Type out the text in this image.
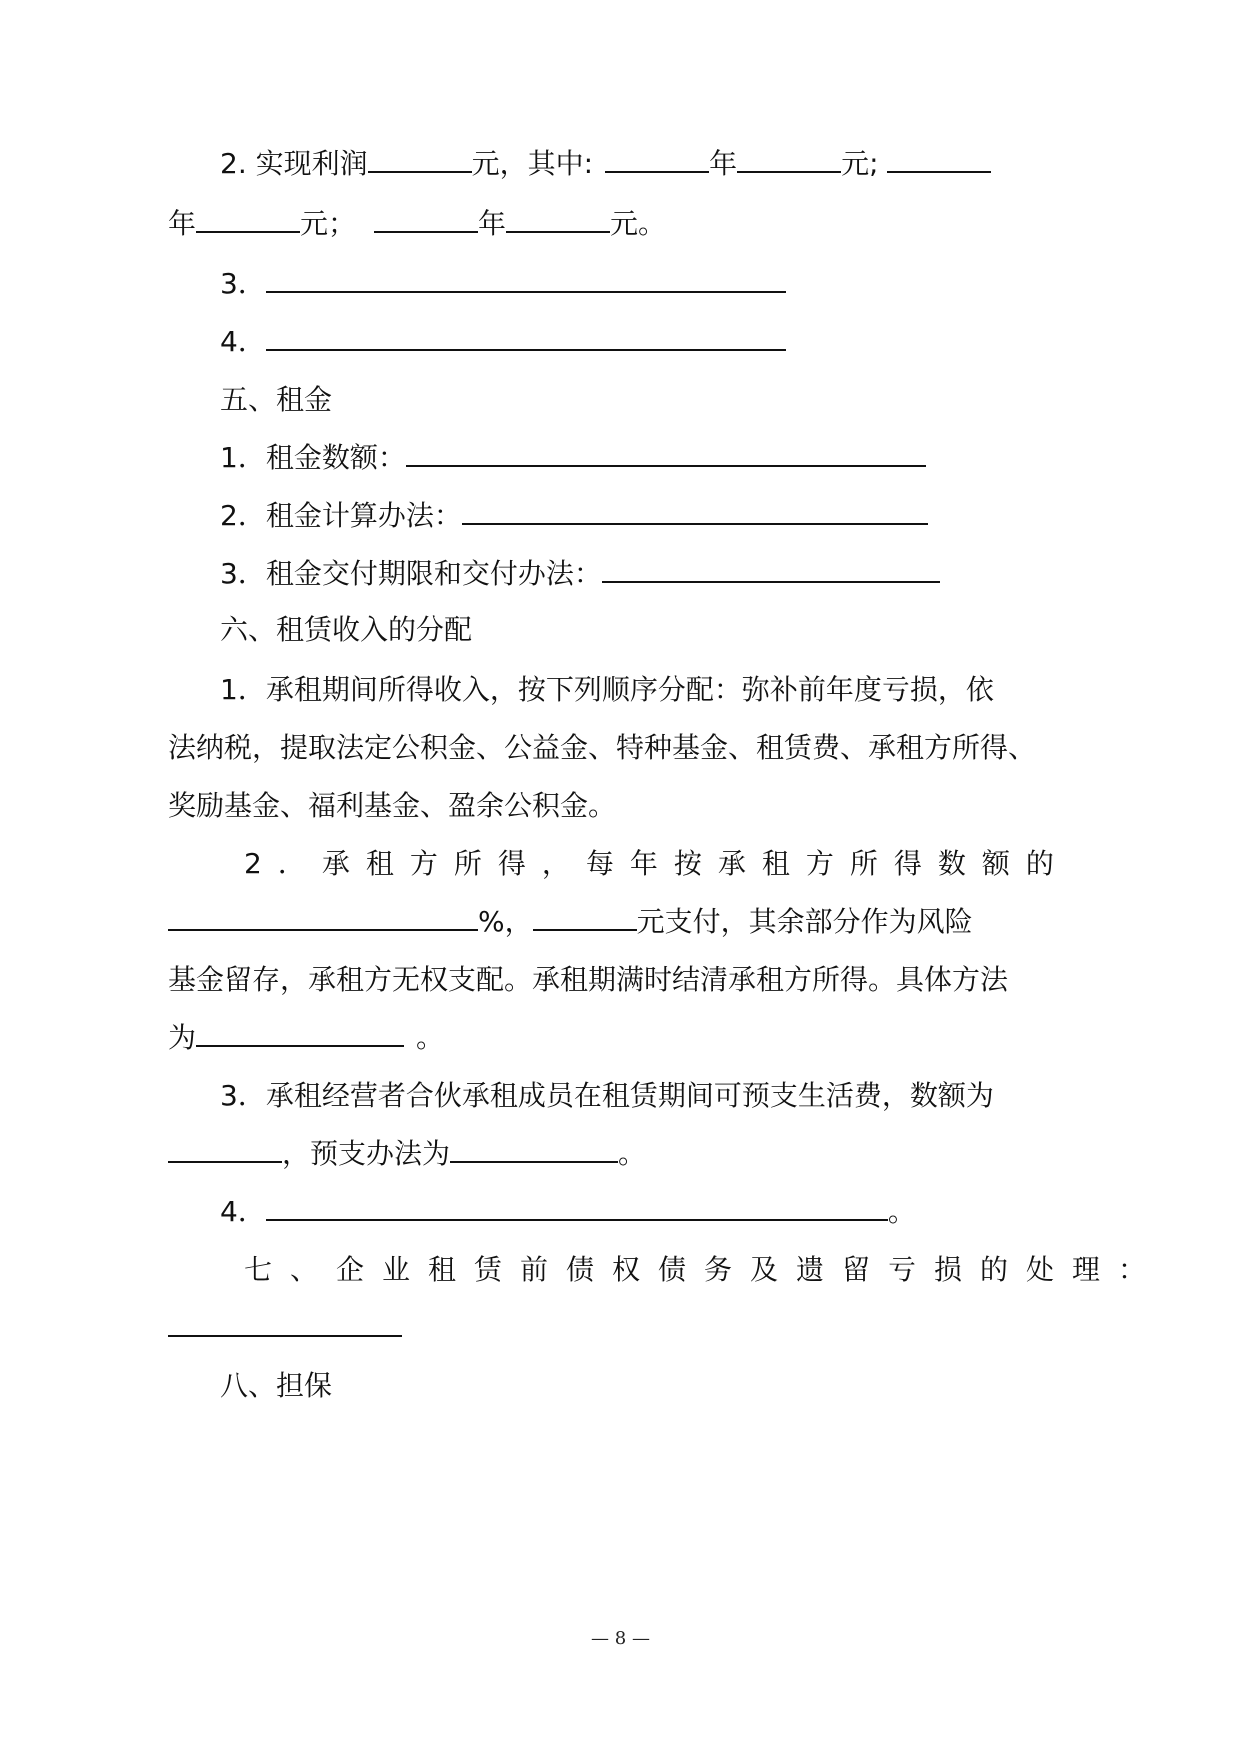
2. 实现利润	元，其中:	年	元;
年	元；	年	元。
3．
4．
五、租金
1．租金数额：
2．租金计算办法：
3．租金交付期限和交付办法：
六、租赁收入的分配
1．承租期间所得收入，按下列顺序分配：弥补前年度亏损，依
法纳税，提取法定公积金、公益金、特种基金、租赁费、承租方所得、
奖励基金、福利基金、盈余公积金。
2．承租方所得，每年按承租方所得数额的
%，	元支付，其余部分作为风险
基金留存，承租方无权支配。承租期满时结清承租方所得。具体方法
为	。
3．承租经营者合伙承租成员在租赁期间可预支生活费，数额为
，预支办法为	。
4．	。
七、企业租赁前债权债务及遗留亏损的处理：
八、担保
— 8 —
